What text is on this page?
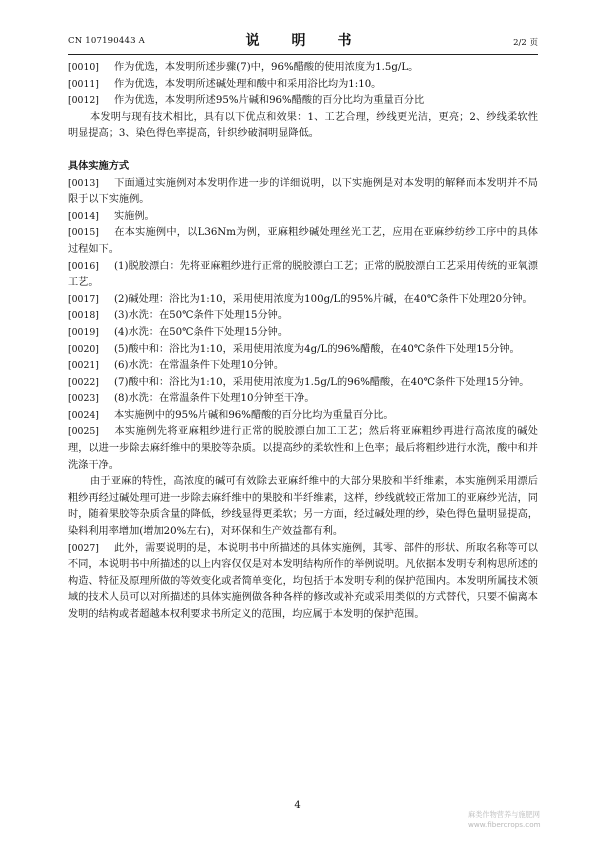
CN 107190443 A	说　明　书	2/2 页

[0010] 作为优选，本发明所述步骤(7)中，96%醋酸的使用浓度为1.5g/L。

[0011] 作为优选，本发明所述碱处理和酸中和采用浴比均为1:10。

[0012] 作为优选，本发明所述95%片碱和96%醋酸的百分比均为重量百分比

本发明与现有技术相比，具有以下优点和效果：1、工艺合理，纱线更光洁，更亮；2、纱线柔软性明显提高；3、染色得色率提高，针织纱破洞明显降低。

具体实施方式

[0013] 下面通过实施例对本发明作进一步的详细说明，以下实施例是对本发明的解释而本发明并不局限于以下实施例。

[0014] 实施例。

[0015] 在本实施例中，以L36Nm为例，亚麻粗纱碱处理丝光工艺，应用在亚麻纱纺纱工序中的具体过程如下。

[0016] (1)脱胶漂白：先将亚麻粗纱进行正常的脱胶漂白工艺；正常的脱胶漂白工艺采用传统的亚氧漂工艺。

[0017] (2)碱处理：浴比为1:10，采用使用浓度为100g/L的95%片碱，在40℃条件下处理20分钟。

[0018] (3)水洗：在50℃条件下处理15分钟。

[0019] (4)水洗：在50℃条件下处理15分钟。

[0020] (5)酸中和：浴比为1:10，采用使用浓度为4g/L的96%醋酸，在40℃条件下处理15分钟。

[0021] (6)水洗：在常温条件下处理10分钟。

[0022] (7)酸中和：浴比为1:10，采用使用浓度为1.5g/L的96%醋酸，在40℃条件下处理15分钟。

[0023] (8)水洗：在常温条件下处理10分钟至干净。

[0024] 本实施例中的95%片碱和96%醋酸的百分比均为重量百分比。

[0025] 本实施例先将亚麻粗纱进行正常的脱胶漂白加工工艺；然后将亚麻粗纱再进行高浓度的碱处理，以进一步除去麻纤维中的果胶等杂质。以提高纱的柔软性和上色率；最后将粗纱进行水洗，酸中和并洗涤干净。

由于亚麻的特性，高浓度的碱可有效除去亚麻纤维中的大部分果胶和半纤维素，本实施例采用漂后粗纱再经过碱处理可进一步除去麻纤维中的果胶和半纤维素，这样，纱线就较正常加工的亚麻纱光洁，同时，随着果胶等杂质含量的降低，纱线显得更柔软；另一方面，经过碱处理的纱，染色得色量明显提高，染料利用率增加(增加20%左右)，对环保和生产效益都有利。

[0027] 此外，需要说明的是，本说明书中所描述的具体实施例，其零、部件的形状、所取名称等可以不同，本说明书中所描述的以上内容仅仅是对本发明结构所作的举例说明。凡依据本发明专利构思所述的构造、特征及原理所做的等效变化或者简单变化，均包括于本发明专利的保护范围内。本发明所属技术领域的技术人员可以对所描述的具体实施例做各种各样的修改或补充或采用类似的方式替代，只要不偏离本发明的结构或者超越本权利要求书所定义的范围，均应属于本发明的保护范围。

4
麻类作物营养与施肥网
www.fibercrops.com
